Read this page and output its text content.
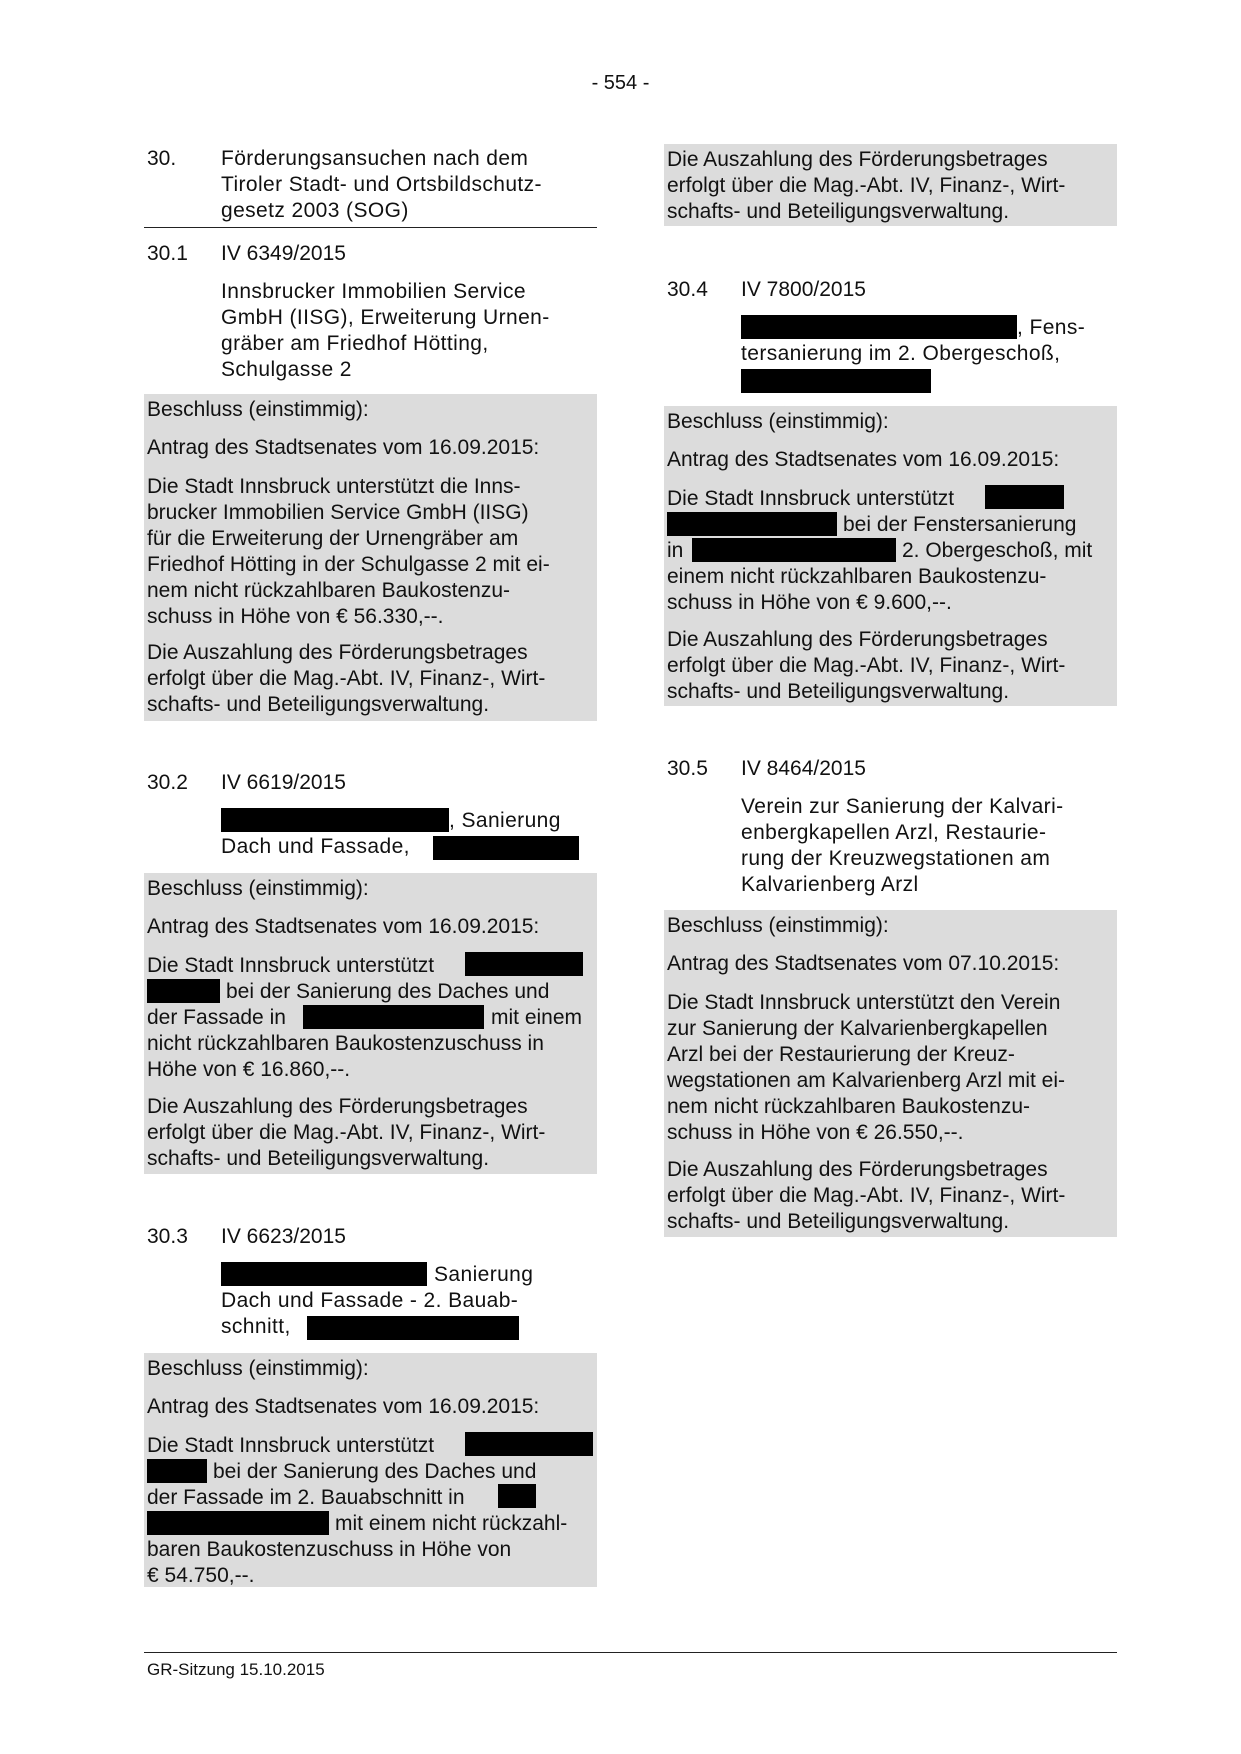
- 554 -
30. Förderungsansuchen nach dem
Tiroler Stadt- und Ortsbildschutz-
gesetz 2003 (SOG)
30.1 IV 6349/2015
Innsbrucker Immobilien Service
GmbH (IISG), Erweiterung Urnen-
gräber am Friedhof Hötting,
Schulgasse 2
Beschluss (einstimmig):
Antrag des Stadtsenates vom 16.09.2015:
Die Stadt Innsbruck unterstützt die Inns-
brucker Immobilien Service GmbH (IISG)
für die Erweiterung der Urnengräber am
Friedhof Hötting in der Schulgasse 2 mit ei-
nem nicht rückzahlbaren Baukostenzu-
schuss in Höhe von € 56.330,--.
Die Auszahlung des Förderungsbetrages
erfolgt über die Mag.-Abt. IV, Finanz-, Wirt-
schafts- und Beteiligungsverwaltung.
30.2 IV 6619/2015
, Sanierung
Dach und Fassade,
Beschluss (einstimmig):
Antrag des Stadtsenates vom 16.09.2015:
Die Stadt Innsbruck unterstützt
bei der Sanierung des Daches und
der Fassade in	mit einem
nicht rückzahlbaren Baukostenzuschuss in
Höhe von € 16.860,--.
Die Auszahlung des Förderungsbetrages
erfolgt über die Mag.-Abt. IV, Finanz-, Wirt-
schafts- und Beteiligungsverwaltung.
30.3 IV 6623/2015
Sanierung
Dach und Fassade - 2. Bauab-
schnitt,
Beschluss (einstimmig):
Antrag des Stadtsenates vom 16.09.2015:
Die Stadt Innsbruck unterstützt
bei der Sanierung des Daches und
der Fassade im 2. Bauabschnitt in
mit einem nicht rückzahl-
baren Baukostenzuschuss in Höhe von
€ 54.750,--.
Die Auszahlung des Förderungsbetrages
erfolgt über die Mag.-Abt. IV, Finanz-, Wirt-
schafts- und Beteiligungsverwaltung.
30.4 IV 7800/2015
, Fens-
tersanierung im 2. Obergeschoß,
Beschluss (einstimmig):
Antrag des Stadtsenates vom 16.09.2015:
Die Stadt Innsbruck unterstützt
bei der Fenstersanierung
in	2. Obergeschoß, mit
einem nicht rückzahlbaren Baukostenzu-
schuss in Höhe von € 9.600,--.
Die Auszahlung des Förderungsbetrages
erfolgt über die Mag.-Abt. IV, Finanz-, Wirt-
schafts- und Beteiligungsverwaltung.
30.5 IV 8464/2015
Verein zur Sanierung der Kalvari-
enbergkapellen Arzl, Restaurie-
rung der Kreuzwegstationen am
Kalvarienberg Arzl
Beschluss (einstimmig):
Antrag des Stadtsenates vom 07.10.2015:
Die Stadt Innsbruck unterstützt den Verein
zur Sanierung der Kalvarienbergkapellen
Arzl bei der Restaurierung der Kreuz-
wegstationen am Kalvarienberg Arzl mit ei-
nem nicht rückzahlbaren Baukostenzu-
schuss in Höhe von € 26.550,--.
Die Auszahlung des Förderungsbetrages
erfolgt über die Mag.-Abt. IV, Finanz-, Wirt-
schafts- und Beteiligungsverwaltung.
GR-Sitzung 15.10.2015
